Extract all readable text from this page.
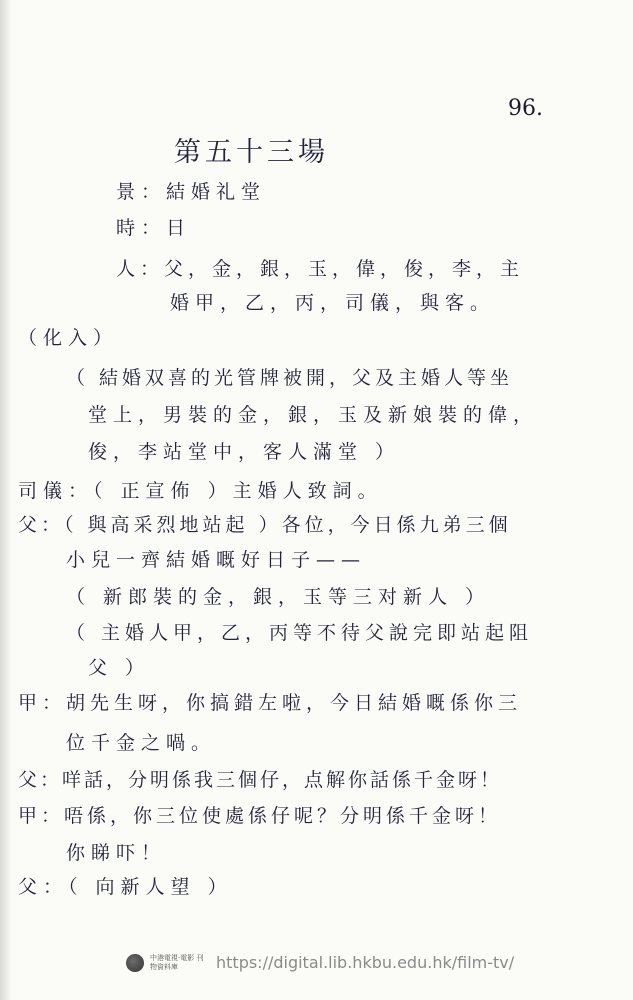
96.
第五十三場
景：結婚礼堂
時：日
人：父，金，銀，玉，偉，俊，李，主
婚甲，乙，丙，司儀，與客。
（化入）
（ 結婚双喜的光管牌被開，父及主婚人等坐
堂上，男裝的金，銀，玉及新娘裝的偉，
俊，李站堂中，客人滿堂 ）
司儀：（ 正宣佈 ）主婚人致詞。
父：（ 與高采烈地站起 ）各位，今日係九弟三個
小兒一齊結婚嘅好日子——
（ 新郎裝的金，銀，玉等三对新人 ）
（ 主婚人甲，乙，丙等不待父說完即站起阻
父 ）
甲：胡先生呀，你搞錯左啦，今日結婚嘅係你三
位千金之喎。
父：咩話，分明係我三個仔，点解你話係千金呀！
甲：唔係，你三位使處係仔呢？分明係千金呀！
你睇吓！
父：（ 向新人望 ）
中港電視·電影 刊物資料庫	https://digital.lib.hkbu.edu.hk/film-tv/
